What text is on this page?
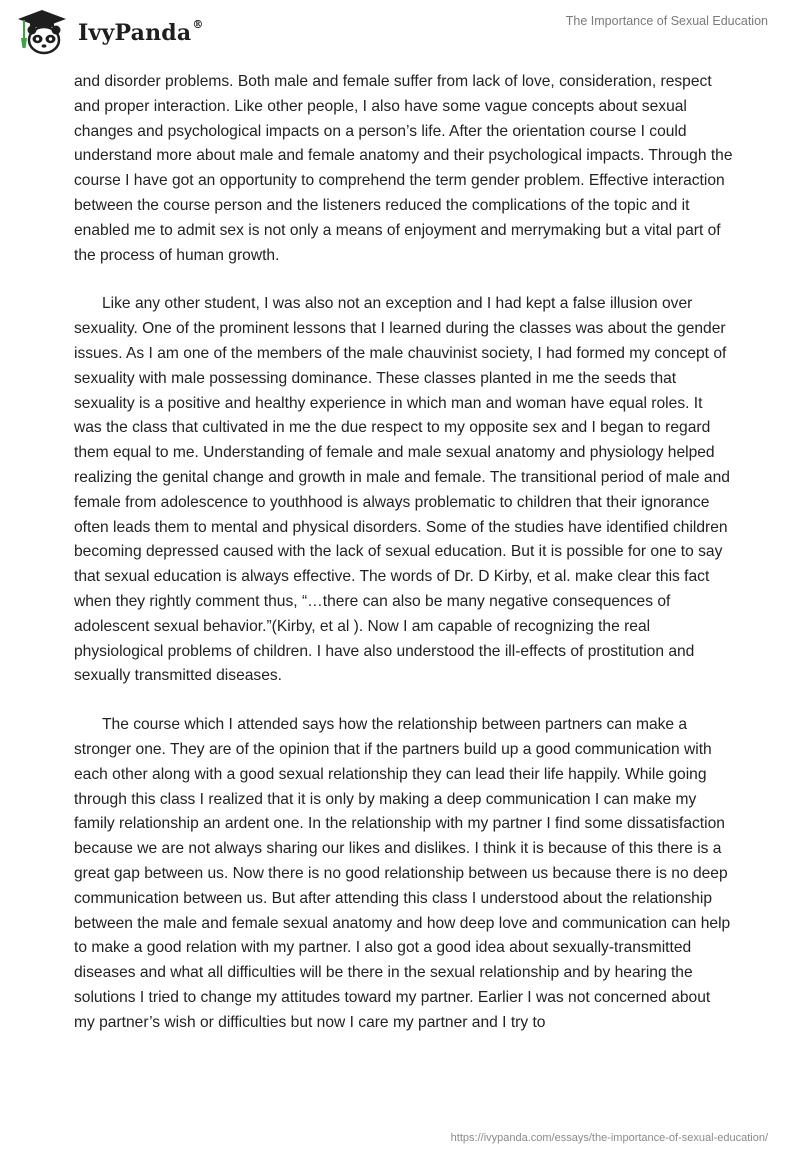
IvyPanda®	The Importance of Sexual Education

and disorder problems. Both male and female suffer from lack of love, consideration, respect and proper interaction. Like other people, I also have some vague concepts about sexual changes and psychological impacts on a person’s life. After the orientation course I could understand more about male and female anatomy and their psychological impacts. Through the course I have got an opportunity to comprehend the term gender problem. Effective interaction between the course person and the listeners reduced the complications of the topic and it enabled me to admit sex is not only a means of enjoyment and merrymaking but a vital part of the process of human growth.

Like any other student, I was also not an exception and I had kept a false illusion over sexuality. One of the prominent lessons that I learned during the classes was about the gender issues. As I am one of the members of the male chauvinist society, I had formed my concept of sexuality with male possessing dominance. These classes planted in me the seeds that sexuality is a positive and healthy experience in which man and woman have equal roles. It was the class that cultivated in me the due respect to my opposite sex and I began to regard them equal to me. Understanding of female and male sexual anatomy and physiology helped realizing the genital change and growth in male and female. The transitional period of male and female from adolescence to youthhood is always problematic to children that their ignorance often leads them to mental and physical disorders. Some of the studies have identified children becoming depressed caused with the lack of sexual education. But it is possible for one to say that sexual education is always effective. The words of Dr. D Kirby, et al. make clear this fact when they rightly comment thus, “…there can also be many negative consequences of adolescent sexual behavior.”(Kirby, et al ). Now I am capable of recognizing the real physiological problems of children. I have also understood the ill-effects of prostitution and sexually transmitted diseases.

The course which I attended says how the relationship between partners can make a stronger one. They are of the opinion that if the partners build up a good communication with each other along with a good sexual relationship they can lead their life happily. While going through this class I realized that it is only by making a deep communication I can make my family relationship an ardent one. In the relationship with my partner I find some dissatisfaction because we are not always sharing our likes and dislikes. I think it is because of this there is a great gap between us. Now there is no good relationship between us because there is no deep communication between us. But after attending this class I understood about the relationship between the male and female sexual anatomy and how deep love and communication can help to make a good relation with my partner. I also got a good idea about sexually-transmitted diseases and what all difficulties will be there in the sexual relationship and by hearing the solutions I tried to change my attitudes toward my partner. Earlier I was not concerned about my partner’s wish or difficulties but now I care my partner and I try to

https://ivypanda.com/essays/the-importance-of-sexual-education/
